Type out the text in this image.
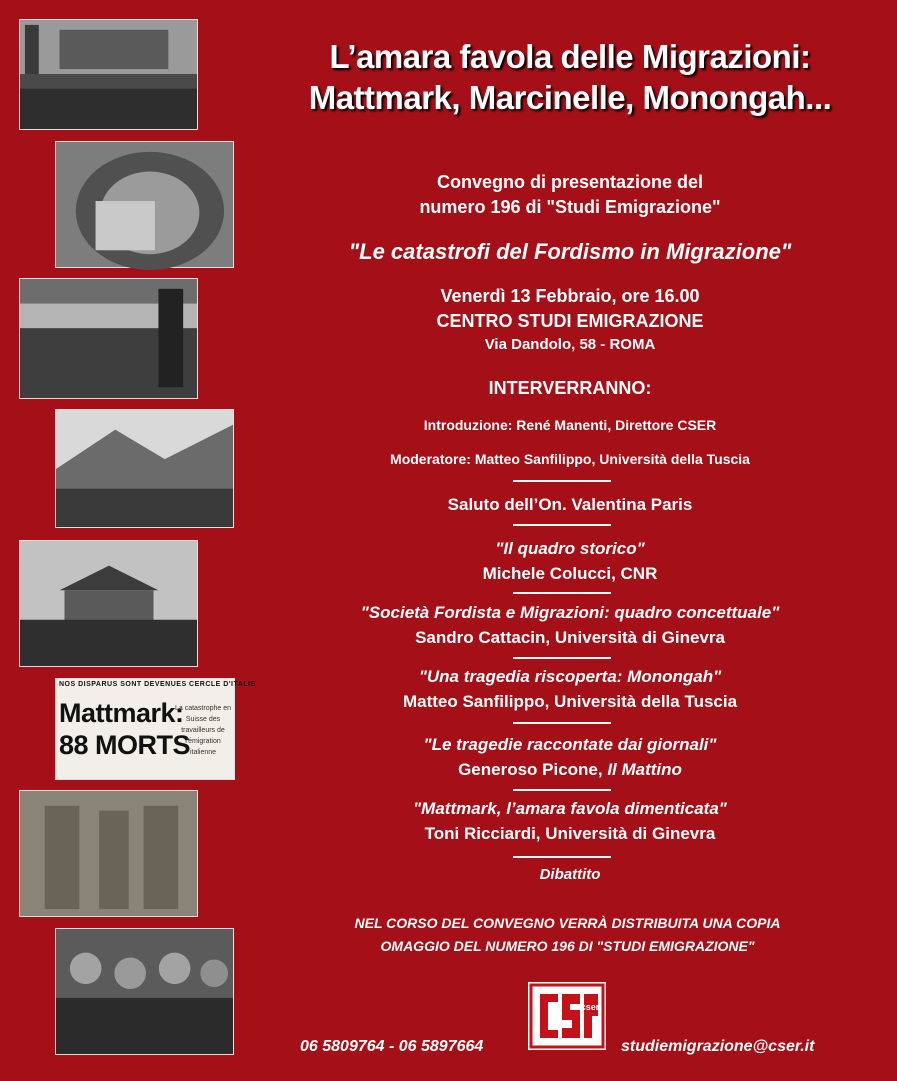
NOS DISPARUS SONT DEVENUES CERCLE D'ITALIE
Mattmark:
88 MORTS
La catastrophe en Suisse des travailleurs de l'émigration italienne
L’amara favola delle Migrazioni:
Mattmark, Marcinelle, Monongah...
Convegno di presentazione del
numero 196 di "Studi Emigrazione"
"Le catastrofi del Fordismo in Migrazione"
Venerdì 13 Febbraio, ore 16.00
CENTRO STUDI EMIGRAZIONE
Via Dandolo, 58 - ROMA
INTERVERRANNO:
Introduzione: René Manenti, Direttore CSER
Moderatore: Matteo Sanfilippo, Università della Tuscia
Saluto dell’On. Valentina Paris
"Il quadro storico"
Michele Colucci, CNR
"Società Fordista e Migrazioni: quadro concettuale"
Sandro Cattacin, Università di Ginevra
"Una tragedia riscoperta: Monongah"
Matteo Sanfilippo, Università della Tuscia
"Le tragedie raccontate dai giornali"
Generoso Picone, Il Mattino
"Mattmark, l’amara favola dimenticata"
Toni Ricciardi, Università di Ginevra
Dibattito
NEL CORSO DEL CONVEGNO VERRÀ DISTRIBUITA UNA COPIA
OMAGGIO DEL NUMERO 196 DI "STUDI EMIGRAZIONE"
06 5809764 - 06 5897664
cser
studiemigrazione@cser.it
